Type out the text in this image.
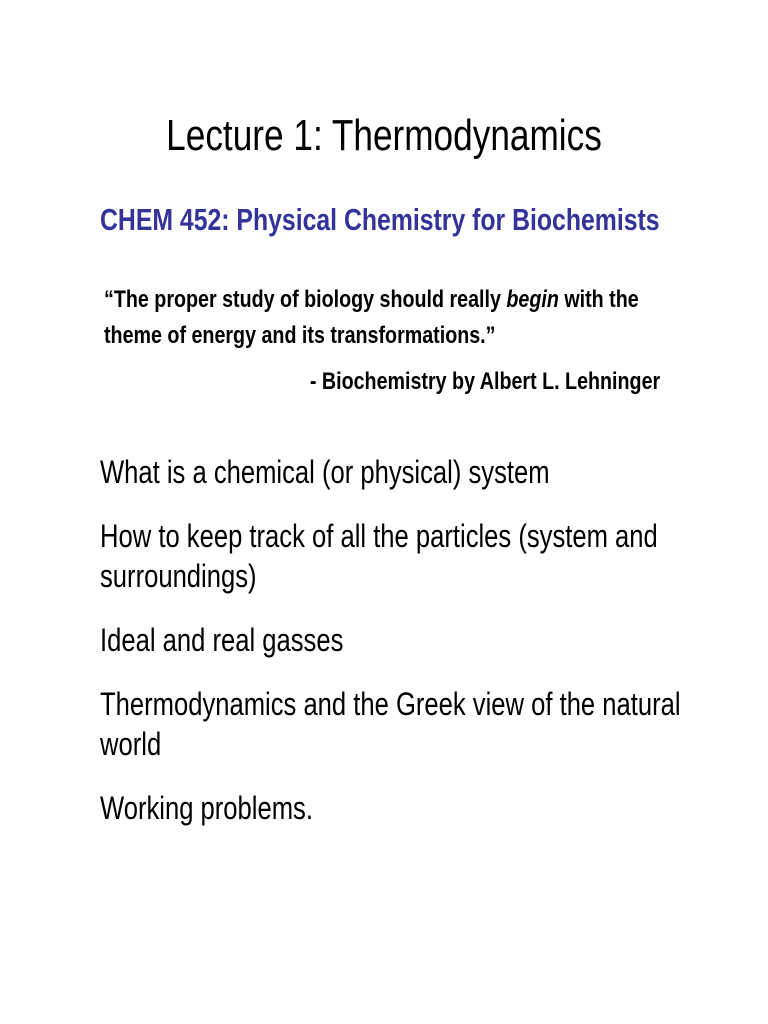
Lecture 1: Thermodynamics
CHEM 452: Physical Chemistry for Biochemists
“The proper study of biology should really begin with the
theme of energy and its transformations.”
- Biochemistry by Albert L. Lehninger
What is a chemical (or physical) system
How to keep track of all the particles (system and
surroundings)
Ideal and real gasses
Thermodynamics and the Greek view of the natural
world
Working problems.
